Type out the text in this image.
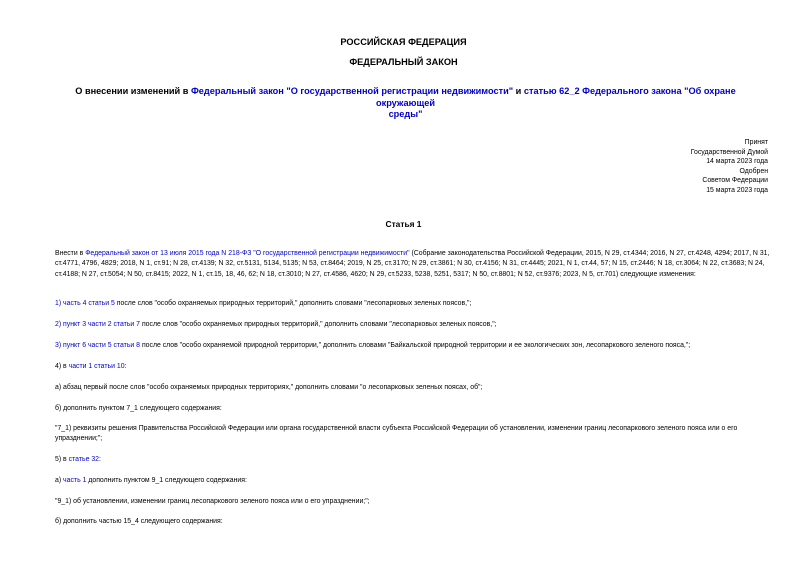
РОССИЙСКАЯ ФЕДЕРАЦИЯ
ФЕДЕРАЛЬНЫЙ ЗАКОН
О внесении изменений в Федеральный закон "О государственной регистрации недвижимости" и статью 62_2 Федерального закона "Об охране окружающей
среды"
Принят
Государственной Думой
14 марта 2023 года
Одобрен
Советом Федерации
15 марта 2023 года
Статья 1
Внести в Федеральный закон от 13 июля 2015 года N 218-ФЗ "О государственной регистрации недвижимости" (Собрание законодательства Российской Федерации, 2015, N 29, ст.4344; 2016, N 27, ст.4248, 4294; 2017, N 31, ст.4771, 4796, 4829; 2018, N 1, ст.91; N 28, ст.4139; N 32, ст.5131, 5134, 5135; N 53, ст.8464; 2019, N 25, ст.3170; N 29, ст.3861; N 30, ст.4156; N 31, ст.4445; 2021, N 1, ст.44, 57; N 15, ст.2446; N 18, ст.3064; N 22, ст.3683; N 24, ст.4188; N 27, ст.5054; N 50, ст.8415; 2022, N 1, ст.15, 18, 46, 62; N 18, ст.3010; N 27, ст.4586, 4620; N 29, ст.5233, 5238, 5251, 5317; N 50, ст.8801; N 52, ст.9376; 2023, N 5, ст.701) следующие изменения:
1) часть 4 статьи 5 после слов "особо охраняемых природных территорий," дополнить словами "лесопарковых зеленых поясов,";
2) пункт 3 части 2 статьи 7 после слов "особо охраняемых природных территорий," дополнить словами "лесопарковых зеленых поясов,";
3) пункт 6 части 5 статьи 8 после слов "особо охраняемой природной территории," дополнить словами "Байкальской природной территории и ее экологических зон, лесопаркового зеленого пояса,";
4) в части 1 статьи 10:
а) абзац первый после слов "особо охраняемых природных территориях," дополнить словами "о лесопарковых зеленых поясах, об";
б) дополнить пунктом 7_1 следующего содержания:
"7_1) реквизиты решения Правительства Российской Федерации или органа государственной власти субъекта Российской Федерации об установлении, изменении границ лесопаркового зеленого пояса или о его упразднении;";
5) в статье 32:
а) часть 1 дополнить пунктом 9_1 следующего содержания:
"9_1) об установлении, изменении границ лесопаркового зеленого пояса или о его упразднении;";
б) дополнить частью 15_4 следующего содержания:
